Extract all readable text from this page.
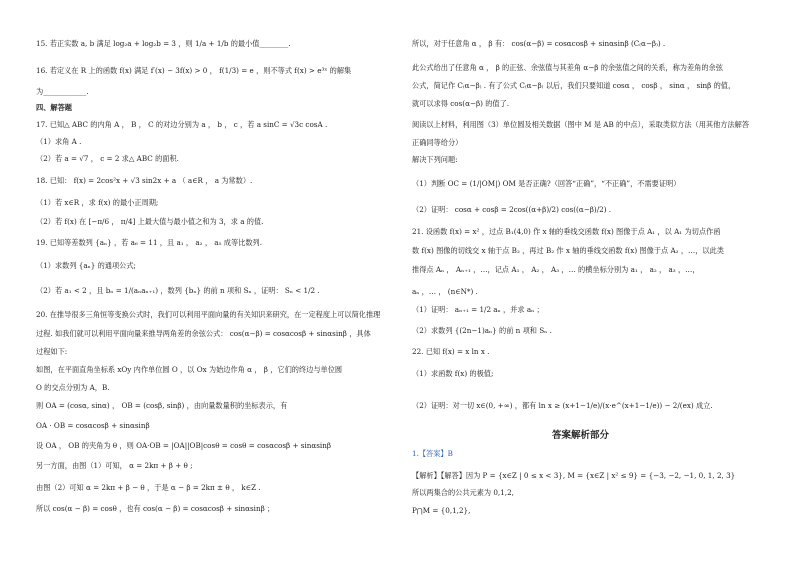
15. 若正实数 a, b 满足 log₂a + log₂b = 3 ，则 1/a + 1/b 的最小值________.
16. 若定义在 R 上的函数 f(x) 满足 f′(x) − 3f(x) > 0 ， f(1/3) = e ，则不等式 f(x) > e³ˣ 的解集
为____________.
四、解答题
17. 已知△ ABC 的内角 A ， B ， C 的对边分别为 a ， b ， c ，若 a sinC = √3c cosA .
（1）求角 A .
（2）若 a = √7 ， c = 2 求△ ABC 的面积.
18. 已知： f(x) = 2cos²x + √3 sin2x + a （ a∈R ， a 为常数）.
（1）若 x∈R ，求 f(x) 的最小正周期;
（2）若 f(x) 在 [−π/6 ， π/4] 上最大值与最小值之和为 3，求 a 的值.
19. 已知等差数列 {aₙ} ，若 a₆ = 11 ，且 a₁ ， a₂ ， a₅ 成等比数列.
（1）求数列 {aₙ} 的通项公式;
（2）若 a₁ < 2 ，且 bₙ = 1/(aₙaₙ₊₁) ，数列 {bₙ} 的前 n 项和 Sₙ ，证明： Sₙ < 1/2 .
20. 在推导很多三角恒等变换公式时，我们可以利用平面向量的有关知识来研究，在一定程度上可以简化推理
过程. 如我们就可以利用平面向量来推导两角差的余弦公式： cos(α−β) = cosαcosβ + sinαsinβ ，具体
过程如下:
如图，在平面直角坐标系 xOy 内作单位圆 O ，以 Ox 为始边作角 α ， β ，它们的终边与单位圆
O 的交点分别为 A，B.
则 OA = (cosα, sinα) ， OB = (cosβ, sinβ) ，由向量数量积的坐标表示，有
OA · OB = cosαcosβ + sinαsinβ
设 OA ， OB 的夹角为 θ ，则 OA·OB = |OA||OB|cosθ = cosθ = cosαcosβ + sinαsinβ
另一方面，由图（1）可知， α = 2kπ + β + θ ;
由图（2）可知 α = 2kπ + β − θ ，于是 α − β = 2kπ ± θ ， k∈Z .
所以 cos(α − β) = cosθ ，也有 cos(α − β) = cosαcosβ + sinαsinβ ；
所以，对于任意角 α ， β 有： cos(α−β) = cosαcosβ + sinαsinβ (C₍α−β₎) .
此公式给出了任意角 α ， β 的正弦、余弦值与其差角 α−β 的余弦值之间的关系，称为差角的余弦
公式，简记作 C₍α−β₎ . 有了公式 C₍α−β₎ 以后，我们只要知道 cosα ， cosβ ， sinα ， sinβ 的值，
就可以求得 cos(α−β) 的值了.
阅读以上材料，利用图（3）单位圆及相关数据（图中 M 是 AB 的中点），采取类似方法（用其他方法解答
正确同等给分）
解决下列问题:
（1）判断 OC = (1/|OM|) OM 是否正确?（回答“正确”，“不正确”，不需要证明）
（2）证明： cosα + cosβ = 2cos((α+β)/2) cos((α−β)/2) .
21. 设函数 f(x) = x² ，过点 B₁(4,0) 作 x 轴的垂线交函数 f(x) 图像于点 A₁ ，以 A₁ 为切点作函
数 f(x) 图像的切线交 x 轴于点 B₂ ，再过 B₂ 作 x 轴的垂线交函数 f(x) 图像于点 A₂ ，…，以此类
推得点 Aₙ ， Aₙ₊₁ ，…，记点 A₁ ， A₂ ， A₃ ，… 的横坐标分别为 a₁ ， a₂ ， a₃ ，…，
aₙ ，… ， (n∈N*) .
（1）证明： aₙ₊₁ = 1/2 aₙ ，并求 aₙ ；
（2）求数列 {(2n−1)aₙ} 的前 n 项和 Sₙ .
22. 已知 f(x) = x ln x .
（1）求函数 f(x) 的极值;
（2）证明：对一切 x∈(0, +∞) ，都有 ln x ≥ (x+1−1/e)/(x·e^(x+1−1/e)) − 2/(ex) 成立.
答案解析部分
1.【答案】B
【解析】【解答】因为 P = {x∈Z | 0 ≤ x < 3}, M = {x∈Z | x² ≤ 9} = {−3, −2, −1, 0, 1, 2, 3}
所以两集合的公共元素为 0,1,2,
P⋂M = {0,1,2},
